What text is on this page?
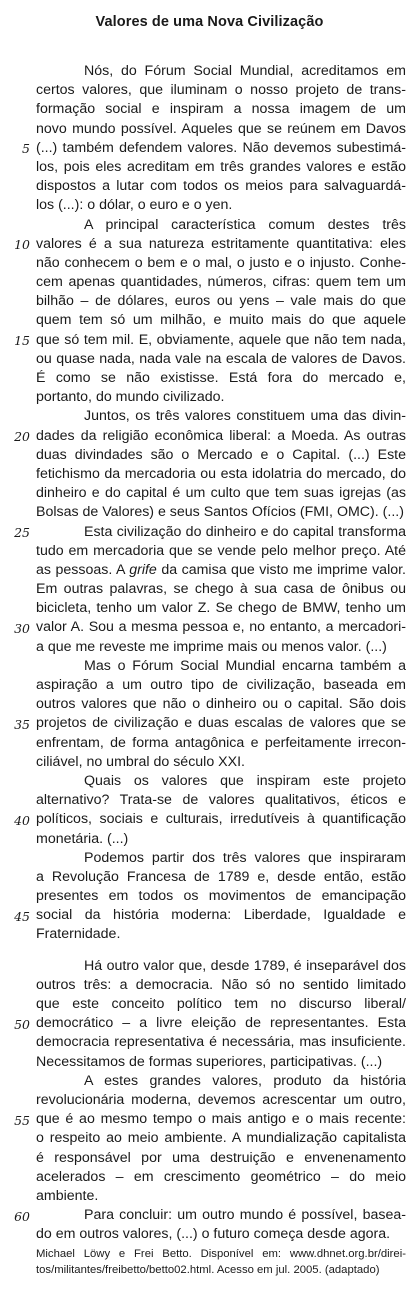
Valores de uma Nova Civilização
Nós, do Fórum Social Mundial, acreditamos em
certos valores, que iluminam o nosso projeto de trans-
formação social e inspiram a nossa imagem de um
novo mundo possível. Aqueles que se reúnem em Davos
(...) também defendem valores. Não devemos subestimá-
los, pois eles acreditam em três grandes valores e estão
dispostos a lutar com todos os meios para salvaguardá-
los (...): o dólar, o euro e o yen.
A principal característica comum destes três
valores é a sua natureza estritamente quantitativa: eles
não conhecem o bem e o mal, o justo e o injusto. Conhe-
cem apenas quantidades, números, cifras: quem tem um
bilhão – de dólares, euros ou yens – vale mais do que
quem tem só um milhão, e muito mais do que aquele
que só tem mil. E, obviamente, aquele que não tem nada,
ou quase nada, nada vale na escala de valores de Davos.
É como se não existisse. Está fora do mercado e,
portanto, do mundo civilizado.
Juntos, os três valores constituem uma das divin-
dades da religião econômica liberal: a Moeda. As outras
duas divindades são o Mercado e o Capital. (...) Este
fetichismo da mercadoria ou esta idolatria do mercado, do
dinheiro e do capital é um culto que tem suas igrejas (as
Bolsas de Valores) e seus Santos Ofícios (FMI, OMC). (...)
Esta civilização do dinheiro e do capital transforma
tudo em mercadoria que se vende pelo melhor preço. Até
as pessoas. A grife da camisa que visto me imprime valor.
Em outras palavras, se chego à sua casa de ônibus ou
bicicleta, tenho um valor Z. Se chego de BMW, tenho um
valor A. Sou a mesma pessoa e, no entanto, a mercadori-
a que me reveste me imprime mais ou menos valor. (...)
Mas o Fórum Social Mundial encarna também a
aspiração a um outro tipo de civilização, baseada em
outros valores que não o dinheiro ou o capital. São dois
projetos de civilização e duas escalas de valores que se
enfrentam, de forma antagônica e perfeitamente irrecon-
ciliável, no umbral do século XXI.
Quais os valores que inspiram este projeto
alternativo? Trata-se de valores qualitativos, éticos e
políticos, sociais e culturais, irredutíveis à quantificação
monetária. (...)
Podemos partir dos três valores que inspiraram
a Revolução Francesa de 1789 e, desde então, estão
presentes em todos os movimentos de emancipação
social da história moderna: Liberdade, Igualdade e
Fraternidade.
Há outro valor que, desde 1789, é inseparável dos
outros três: a democracia. Não só no sentido limitado
que este conceito político tem no discurso liberal/
democrático – a livre eleição de representantes. Esta
democracia representativa é necessária, mas insuficiente.
Necessitamos de formas superiores, participativas. (...)
A estes grandes valores, produto da história
revolucionária moderna, devemos acrescentar um outro,
que é ao mesmo tempo o mais antigo e o mais recente:
o respeito ao meio ambiente. A mundialização capitalista
é responsável por uma destruição e envenenamento
acelerados – em crescimento geométrico – do meio
ambiente.
Para concluir: um outro mundo é possível, basea-
do em outros valores, (...) o futuro começa desde agora.
Michael Löwy e Frei Betto. Disponível em: www.dhnet.org.br/direi-
tos/militantes/freibetto/betto02.html. Acesso em jul. 2005. (adaptado)
5
10
15
20
25
30
35
40
45
50
55
60
